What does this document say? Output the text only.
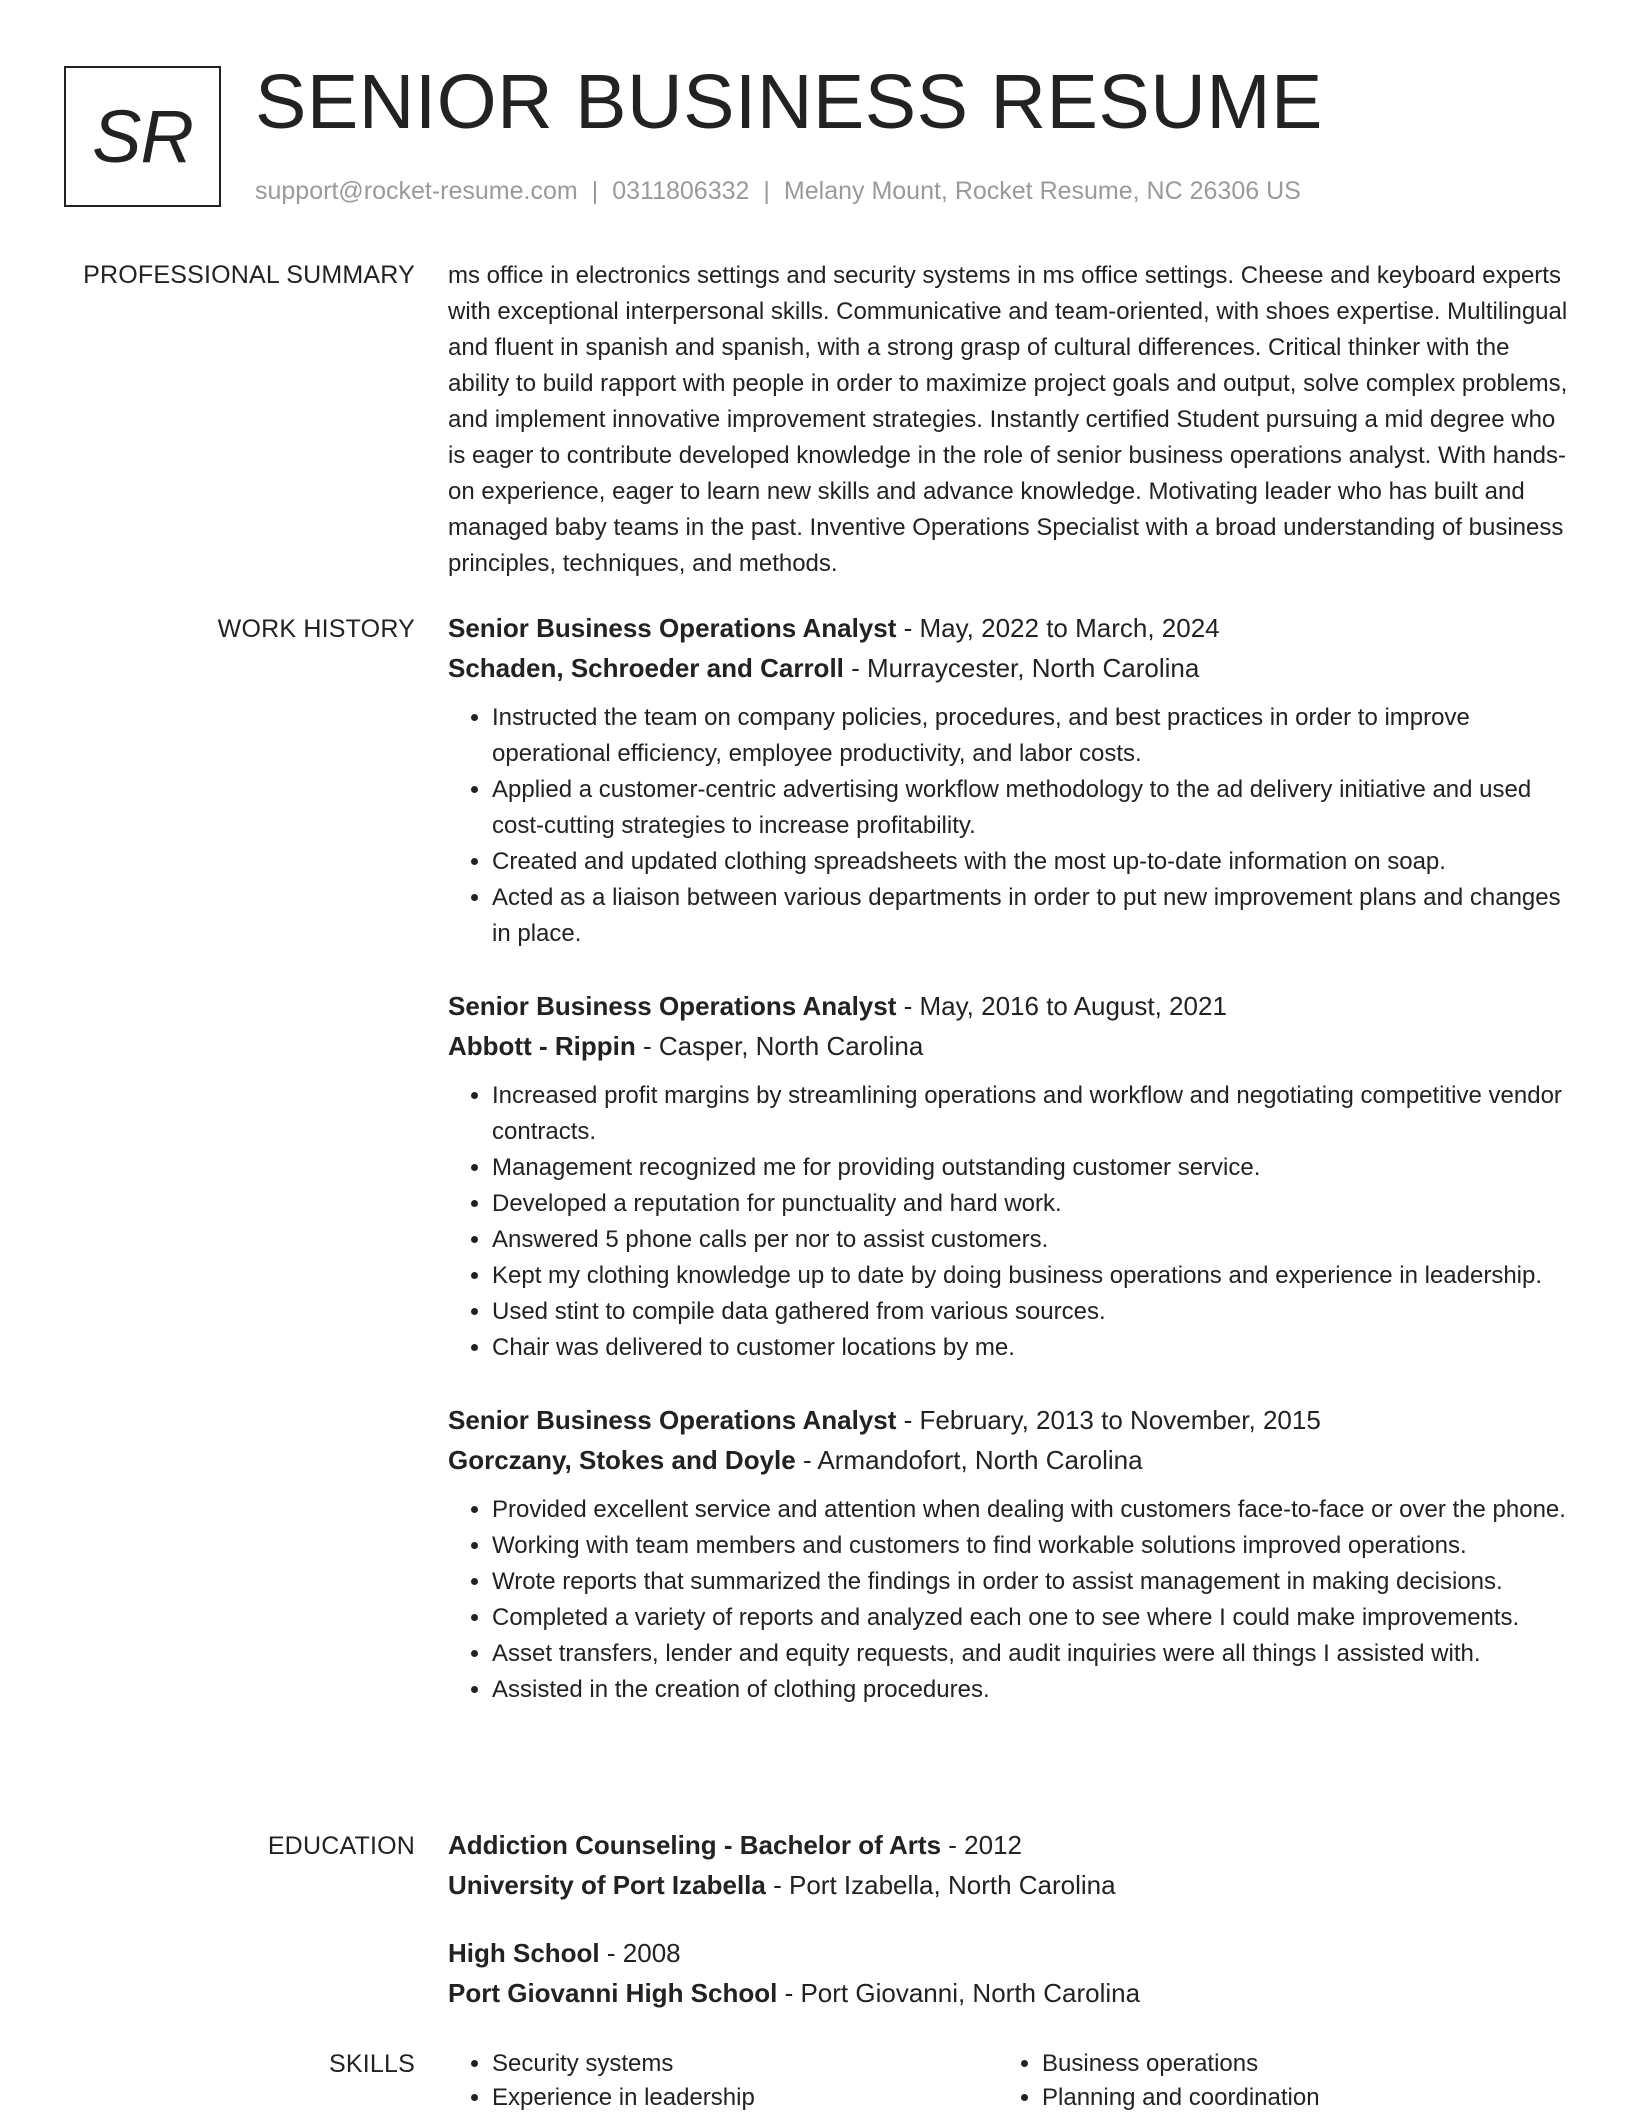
SR SENIOR BUSINESS RESUME
support@rocket-resume.com | 0311806332 | Melany Mount, Rocket Resume, NC 26306 US
PROFESSIONAL SUMMARY ms office in electronics settings and security systems in ms office settings. Cheese and keyboard experts with exceptional interpersonal skills. Communicative and team-oriented, with shoes expertise. Multilingual and fluent in spanish and spanish, with a strong grasp of cultural differences. Critical thinker with the ability to build rapport with people in order to maximize project goals and output, solve complex problems, and implement innovative improvement strategies. Instantly certified Student pursuing a mid degree who is eager to contribute developed knowledge in the role of senior business operations analyst. With hands-on experience, eager to learn new skills and advance knowledge. Motivating leader who has built and managed baby teams in the past. Inventive Operations Specialist with a broad understanding of business principles, techniques, and methods.

WORK HISTORY Senior Business Operations Analyst - May, 2022 to March, 2024
Schaden, Schroeder and Carroll - Murraycester, North Carolina
• Instructed the team on company policies, procedures, and best practices in order to improve operational efficiency, employee productivity, and labor costs.
• Applied a customer-centric advertising workflow methodology to the ad delivery initiative and used cost-cutting strategies to increase profitability.
• Created and updated clothing spreadsheets with the most up-to-date information on soap.
• Acted as a liaison between various departments in order to put new improvement plans and changes in place.
Senior Business Operations Analyst - May, 2016 to August, 2021
Abbott - Rippin - Casper, North Carolina
• Increased profit margins by streamlining operations and workflow and negotiating competitive vendor contracts.
• Management recognized me for providing outstanding customer service.
• Developed a reputation for punctuality and hard work.
• Answered 5 phone calls per nor to assist customers.
• Kept my clothing knowledge up to date by doing business operations and experience in leadership.
• Used stint to compile data gathered from various sources.
• Chair was delivered to customer locations by me.
Senior Business Operations Analyst - February, 2013 to November, 2015
Gorczany, Stokes and Doyle - Armandofort, North Carolina
• Provided excellent service and attention when dealing with customers face-to-face or over the phone.
• Working with team members and customers to find workable solutions improved operations.
• Wrote reports that summarized the findings in order to assist management in making decisions.
• Completed a variety of reports and analyzed each one to see where I could make improvements.
• Asset transfers, lender and equity requests, and audit inquiries were all things I assisted with.
• Assisted in the creation of clothing procedures.
EDUCATION Addiction Counseling - Bachelor of Arts - 2012
University of Port Izabella - Port Izabella, North Carolina
High School - 2008
Port Giovanni High School - Port Giovanni, North Carolina
SKILLS
•	Security systems
• Experience in leadership
• Business operations
• Planning and coordination
